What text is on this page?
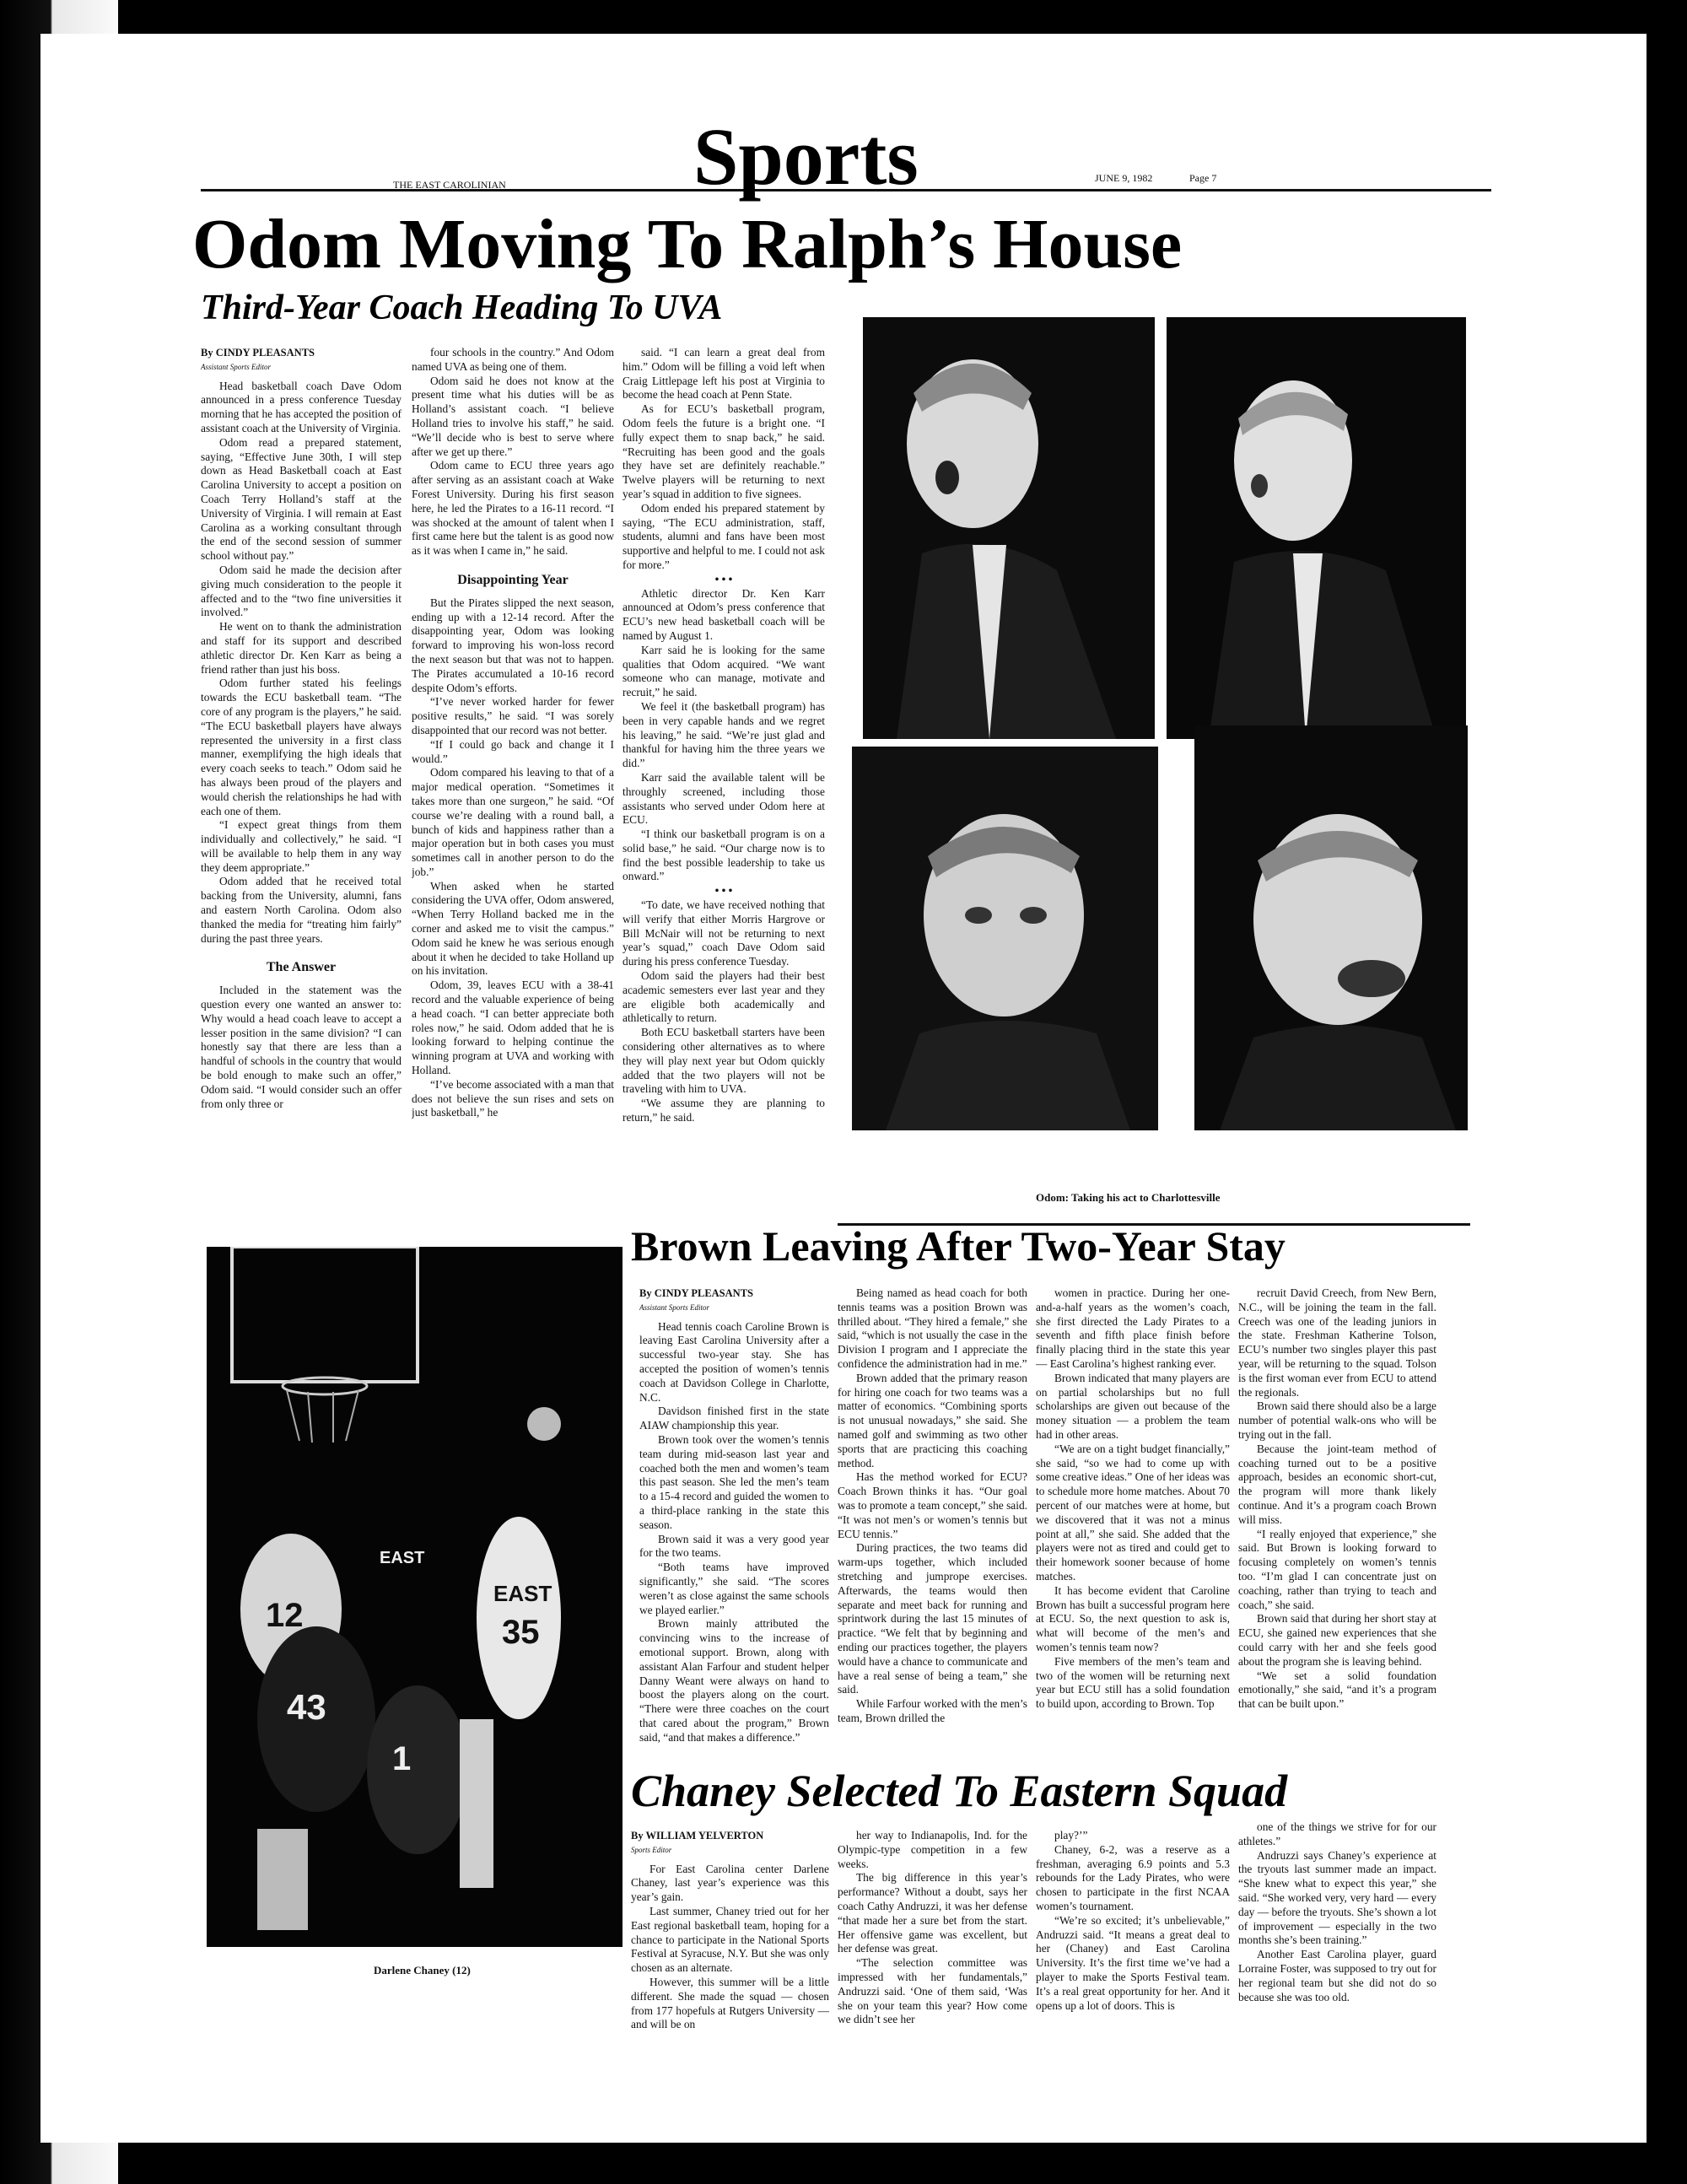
THE EAST CAROLINIAN Sports	JUNE 9, 1982	Page 7
Odom Moving To Ralph’s House
Third-Year Coach Heading To UVA

By CINDY PLEASANTS

Assistant Sports Editor

Head basketball coach Dave Odom announced in a press conference Tuesday morning that he has accepted the position of assistant coach at the University of Virginia.

Odom read a prepared statement, saying, “Effective June 30th, I will step down as Head Basketball coach at East Carolina University to accept a position on Coach Terry Holland’s staff at the University of Virginia. I will remain at East Carolina as a working consultant through the end of the second session of summer school without pay.”

Odom said he made the decision after giving much consideration to the people it affected and to the “two fine universities it involved.”

He went on to thank the administration and staff for its support and described athletic director Dr. Ken Karr as being a friend rather than just his boss.

Odom further stated his feelings towards the ECU basketball team. “The core of any program is the players,” he said. “The ECU basketball players have always represented the university in a first class manner, exemplifying the high ideals that every coach seeks to teach.” Odom said he has always been proud of the players and would cherish the relationships he had with each one of them.

“I expect great things from them individually and collectively,” he said. “I will be available to help them in any way they deem appropriate.”

Odom added that he received total backing from the University, alumni, fans and eastern North Carolina. Odom also thanked the media for “treating him fairly” during the past three years.

The Answer

Included in the statement was the question every one wanted an answer to: Why would a head coach leave to accept a lesser position in the same division? “I can honestly say that there are less than a handful of schools in the country that would be bold enough to make such an offer,” Odom said. “I would consider such an offer from only three or

four schools in the country.” And Odom named UVA as being one of them.

Odom said he does not know at the present time what his duties will be as Holland’s assistant coach. “I believe Holland tries to involve his staff,” he said. “We’ll decide who is best to serve where after we get up there.”

Odom came to ECU three years ago after serving as an assistant coach at Wake Forest University. During his first season here, he led the Pirates to a 16-11 record. “I was shocked at the amount of talent when I first came here but the talent is as good now as it was when I came in,” he said.

Disappointing Year

But the Pirates slipped the next season, ending up with a 12-14 record. After the disappointing year, Odom was looking forward to improving his won-loss record the next season but that was not to happen. The Pirates accumulated a 10-16 record despite Odom’s efforts.

“I’ve never worked harder for fewer positive results,” he said. “I was sorely disappointed that our record was not better.

“If I could go back and change it I would.”

Odom compared his leaving to that of a major medical operation. “Sometimes it takes more than one surgeon,” he said. “Of course we’re dealing with a round ball, a bunch of kids and happiness rather than a major operation but in both cases you must sometimes call in another person to do the job.”

When asked when he started considering the UVA offer, Odom answered, “When Terry Holland backed me in the corner and asked me to visit the campus.” Odom said he knew he was serious enough about it when he decided to take Holland up on his invitation.

Odom, 39, leaves ECU with a 38-41 record and the valuable experience of being a head coach. “I can better appreciate both roles now,” he said. Odom added that he is looking forward to helping continue the winning program at UVA and working with Holland.

“I’ve become associated with a man that does not believe the sun rises and sets on just basketball,” he

said. “I can learn a great deal from him.” Odom will be filling a void left when Craig Littlepage left his post at Virginia to become the head coach at Penn State.

As for ECU’s basketball program, Odom feels the future is a bright one. “I fully expect them to snap back,” he said. “Recruiting has been good and the goals they have set are definitely reachable.” Twelve players will be returning to next year’s squad in addition to five signees.

Odom ended his prepared statement by saying, “The ECU administration, staff, students, alumni and fans have been most supportive and helpful to me. I could not ask for more.”

• • •

Athletic director Dr. Ken Karr announced at Odom’s press conference that ECU’s new head basketball coach will be named by August 1.

Karr said he is looking for the same qualities that Odom acquired. “We want someone who can manage, motivate and recruit,” he said.

We feel it (the basketball program) has been in very capable hands and we regret his leaving,” he said. “We’re just glad and thankful for having him the three years we did.”

Karr said the available talent will be throughly screened, including those assistants who served under Odom here at ECU.

“I think our basketball program is on a solid base,” he said. “Our charge now is to find the best possible leadership to take us onward.”

• • •

“To date, we have received nothing that will verify that either Morris Hargrove or Bill McNair will not be returning to next year’s squad,” coach Dave Odom said during his press conference Tuesday.

Odom said the players had their best academic semesters ever last year and they are eligible both academically and athletically to return.

Both ECU basketball starters have been considering other alternatives as to where they will play next year but Odom quickly added that the two players will not be traveling with him to UVA.

“We assume they are planning to return,” he said.

Odom: Taking his act to Charlottesville
Brown Leaving After Two-Year Stay
EAST
35
12
43
EAST
1
Darlene Chaney (12)

By CINDY PLEASANTS

Assistant Sports Editor

Head tennis coach Caroline Brown is leaving East Carolina University after a successful two-year stay. She has accepted the position of women’s tennis coach at Davidson College in Charlotte, N.C.

Davidson finished first in the state AIAW championship this year.

Brown took over the women’s tennis team during mid-season last year and coached both the men and women’s team this past season. She led the men’s team to a 15-4 record and guided the women to a third-place ranking in the state this season.

Brown said it was a very good year for the two teams.

“Both teams have improved significantly,” she said. “The scores weren’t as close against the same schools we played earlier.”

Brown mainly attributed the convincing wins to the increase of emotional support. Brown, along with assistant Alan Farfour and student helper Danny Weant were always on hand to boost the players along on the court. “There were three coaches on the court that cared about the program,” Brown said, “and that makes a difference.”

Being named as head coach for both tennis teams was a position Brown was thrilled about. “They hired a female,” she said, “which is not usually the case in the Division I program and I appreciate the confidence the administration had in me.”

Brown added that the primary reason for hiring one coach for two teams was a matter of economics. “Combining sports is not unusual nowadays,” she said. She named golf and swimming as two other sports that are practicing this coaching method.

Has the method worked for ECU? Coach Brown thinks it has. “Our goal was to promote a team concept,” she said. “It was not men’s or women’s tennis but ECU tennis.”

During practices, the two teams did warm-ups together, which included stretching and jumprope exercises. Afterwards, the teams would then separate and meet back for running and sprintwork during the last 15 minutes of practice. “We felt that by beginning and ending our practices together, the players would have a chance to communicate and have a real sense of being a team,” she said.

While Farfour worked with the men’s team, Brown drilled the

women in practice. During her one-and-a-half years as the women’s coach, she first directed the Lady Pirates to a seventh and fifth place finish before finally placing third in the state this year — East Carolina’s highest ranking ever.

Brown indicated that many players are on partial scholarships but no full scholarships are given out because of the money situation — a problem the team had in other areas.

“We are on a tight budget financially,” she said, “so we had to come up with some creative ideas.” One of her ideas was to schedule more home matches. About 70 percent of our matches were at home, but we discovered that it was not a minus point at all,” she said. She added that the players were not as tired and could get to their homework sooner because of home matches.

It has become evident that Caroline Brown has built a successful program here at ECU. So, the next question to ask is, what will become of the men’s and women’s tennis team now?

Five members of the men’s team and two of the women will be returning next year but ECU still has a solid foundation to build upon, according to Brown. Top

recruit David Creech, from New Bern, N.C., will be joining the team in the fall. Creech was one of the leading juniors in the state. Freshman Katherine Tolson, ECU’s number two singles player this past year, will be returning to the squad. Tolson is the first woman ever from ECU to attend the regionals.

Brown said there should also be a large number of potential walk-ons who will be trying out in the fall.

Because the joint-team method of coaching turned out to be a positive approach, besides an economic short-cut, the program will more thank likely continue. And it’s a program coach Brown will miss.

“I really enjoyed that experience,” she said. But Brown is looking forward to focusing completely on women’s tennis too. “I’m glad I can concentrate just on coaching, rather than trying to teach and coach,” she said.

Brown said that during her short stay at ECU, she gained new experiences that she could carry with her and she feels good about the program she is leaving behind.

“We set a solid foundation emotionally,” she said, “and it’s a program that can be built upon.”

Chaney Selected To Eastern Squad

By WILLIAM YELVERTON

Sports Editor

For East Carolina center Darlene Chaney, last year’s experience was this year’s gain.

Last summer, Chaney tried out for her East regional basketball team, hoping for a chance to participate in the National Sports Festival at Syracuse, N.Y. But she was only chosen as an alternate.

However, this summer will be a little different. She made the squad — chosen from 177 hopefuls at Rutgers University — and will be on

her way to Indianapolis, Ind. for the Olympic-type competition in a few weeks.

The big difference in this year’s performance? Without a doubt, says her coach Cathy Andruzzi, it was her defense “that made her a sure bet from the start. Her offensive game was excellent, but her defense was great.

“The selection committee was impressed with her fundamentals,” Andruzzi said. ‘One of them said, ‘Was she on your team this year? How come we didn’t see her

play?’”

Chaney, 6-2, was a reserve as a freshman, averaging 6.9 points and 5.3 rebounds for the Lady Pirates, who were chosen to participate in the first NCAA women’s tournament.

“We’re so excited; it’s unbelievable,” Andruzzi said. “It means a great deal to her (Chaney) and East Carolina University. It’s the first time we’ve had a player to make the Sports Festival team. It’s a real great opportunity for her. And it opens up a lot of doors. This is

one of the things we strive for for our athletes.”

Andruzzi says Chaney’s experience at the tryouts last summer made an impact. “She knew what to expect this year,” she said. “She worked very, very hard — every day — before the tryouts. She’s shown a lot of improvement — especially in the two months she’s been training.”

Another East Carolina player, guard Lorraine Foster, was supposed to try out for her regional team but she did not do so because she was too old.
